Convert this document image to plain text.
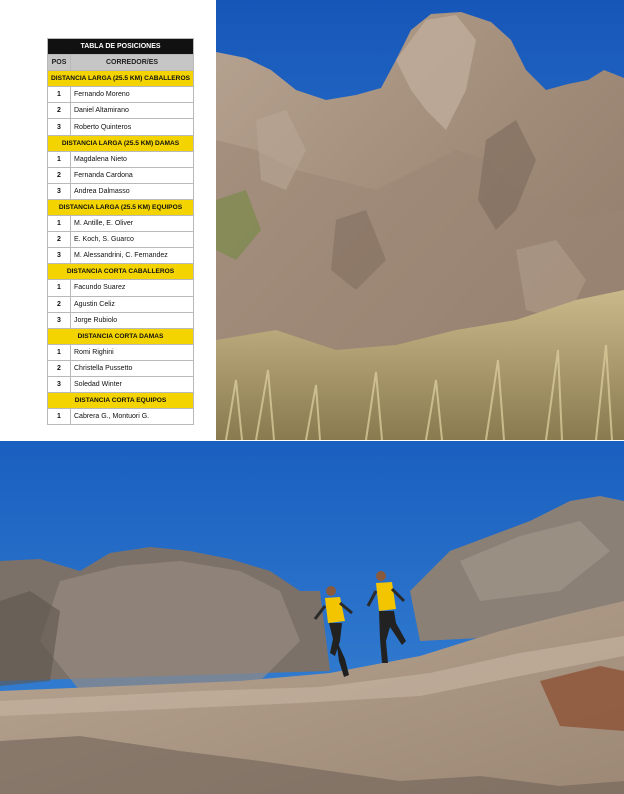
TABLA DE POSICIONES	
POS	CORREDOR/ES
DISTANCIA LARGA (25.5 KM) CABALLEROS	
1	Fernando Moreno
2	Daniel Altamirano
3	Roberto Quinteros
DISTANCIA LARGA (25.5 KM) DAMAS	
1	Magdalena Nieto
2	Fernanda Cardona
3	Andrea Dalmasso
DISTANCIA LARGA (25.5 KM) EQUIPOS	
1	M. Antille, E. Oliver
2	E. Koch, S. Guarco
3	M. Alessandrini, C. Fernandez
DISTANCIA CORTA CABALLEROS	
1	Facundo Suarez
2	Agustin Celiz
3	Jorge Rubiolo
DISTANCIA CORTA DAMAS	
1	Romi Righini
2	Christella Pussetto
3	Soledad Winter
DISTANCIA CORTA EQUIPOS	
1	Cabrera G., Montuori G.
